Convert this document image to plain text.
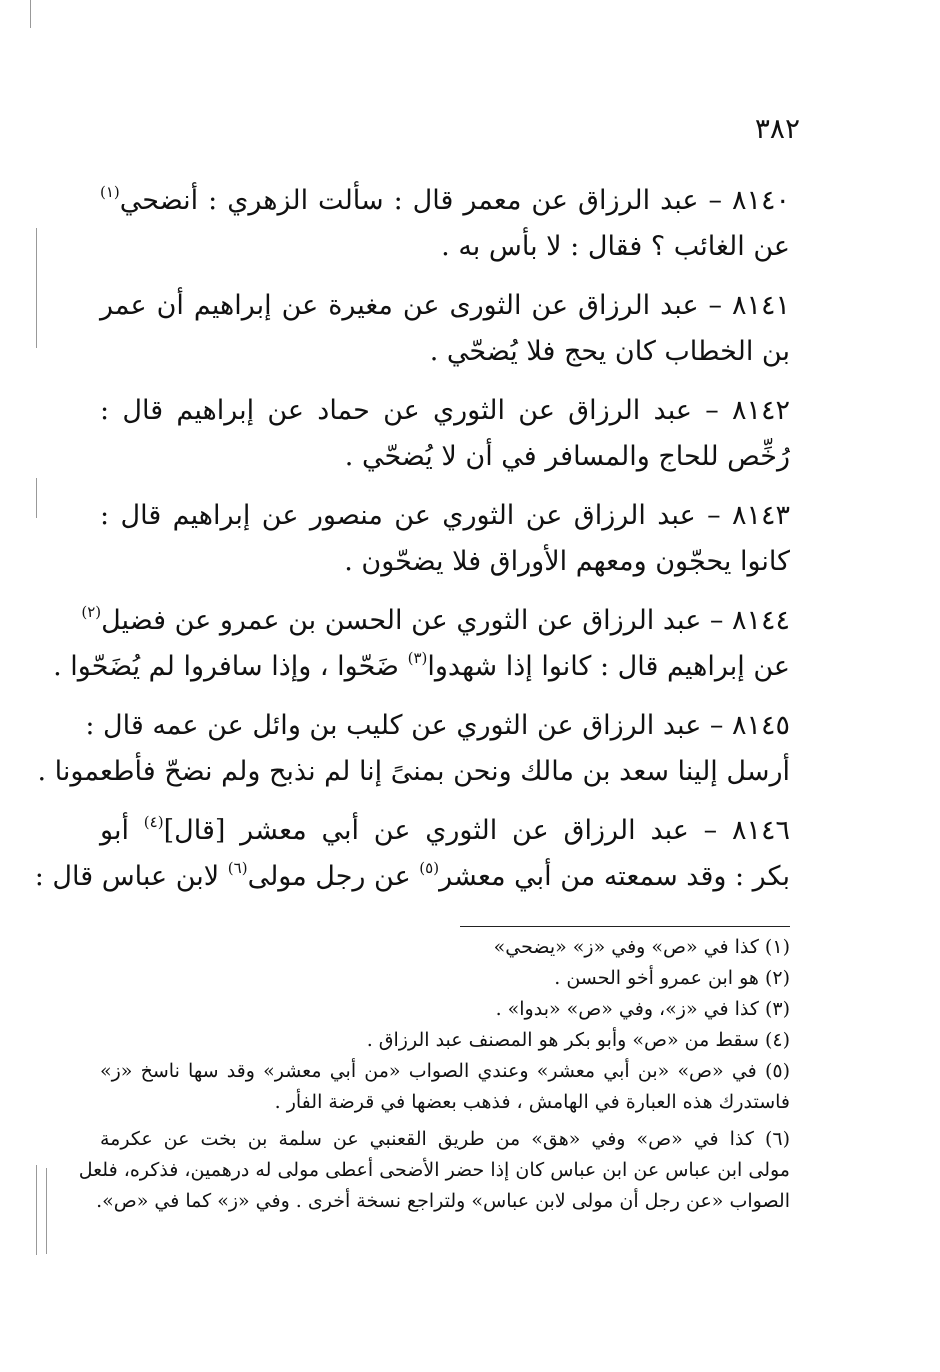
٣٨٢
٨١٤٠ – عبد الرزاق عن معمر قال : سألت الزهري : أنضحي$^{(١)}$
عن الغائب ؟ فقال : لا بأس به .
٨١٤١ – عبد الرزاق عن الثورى عن مغيرة عن إبراهيم أن عمر
بن الخطاب كان يحج فلا يُضحّي .
٨١٤٢ – عبد الرزاق عن الثوري عن حماد عن إبراهيم قال :
رُخِّص للحاج والمسافر في أن لا يُضحّي .
٨١٤٣ – عبد الرزاق عن الثوري عن منصور عن إبراهيم قال :
كانوا يحجّون ومعهم الأوراق فلا يضحّون .
٨١٤٤ – عبد الرزاق عن الثوري عن الحسن بن عمرو عن فضيل$^{(٢)}$
عن إبراهيم قال : كانوا إذا شهدوا$^{(٣)}$ ضَحّوا ، وإذا سافروا لم يُضَحّوا .
٨١٤٥ – عبد الرزاق عن الثوري عن كليب بن وائل عن عمه قال :
أرسل إلينا سعد بن مالك ونحن بمنىً إنا لم نذبح ولم نضحّ فأطعمونا .
٨١٤٦ – عبد الرزاق عن الثوري عن أبي معشر [قال]$^{(٤)}$ أبو
بكر : وقد سمعته من أبي معشر$^{(٥)}$ عن رجل مولى$^{(٦)}$ لابن عباس قال :
(١) كذا في «ص» وفي «ز» «يضحي»
(٢) هو ابن عمرو أخو الحسن .
(٣) كذا في «ز»، وفي «ص» «بدوا» .
(٤) سقط من «ص» وأبو بكر هو المصنف عبد الرزاق .
(٥) في «ص» «بن أبي معشر» وعندي الصواب «من أبي معشر» وقد سها ناسخ «ز»
فاستدرك هذه العبارة في الهامش ، فذهب بعضها في قرضة الفأر .
(٦) كذا في «ص» وفي «هق» من طريق القعنبي عن سلمة بن بخت عن عكرمة
مولى ابن عباس عن ابن عباس كان إذا حضر الأضحى أعطى مولى له درهمين، فذكره، فلعل
الصواب «عن رجل أن مولى لابن عباس» ولتراجع نسخة أخرى . وفي «ز» كما في «ص».
